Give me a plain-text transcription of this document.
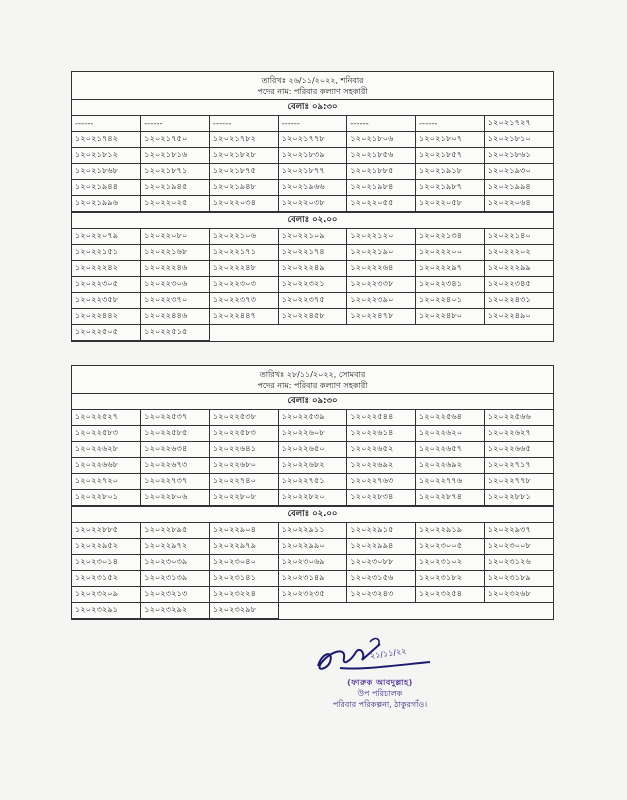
তারিখঃ ২৬/১১/২০২২, শনিবার
পদের নাম: পরিবার কল্যাণ সহকারী
বেলাঃ ০৯:৩০
------	------	------	------	------	------	১২০২১৭২৭
১২০২১৭৪২	১২০২১৭৫০	১২০২১৭৮২	১২০২১৭৭৮	১২০২১৮০৬	১২০২১৮০৭	১২০২১৮১০
১২০২১৮১২	১২০২১৮১৬	১২০২১৮২৮	১২০২১৮৩৯	১২০২১৮৫৬	১২০২১৮৫৭	১২০২১৮৬১
১২০২১৮৬৮	১২০২১৮৭১	১২০২১৮৭৫	১২০২১৮৭৭	১২০২১৮৮৫	১২০২১৯১৮	১২০২১৯৩০
১২০২১৯৪৪	১২০২১৯৪৫	১২০২১৯৪৮	১২০২১৯৬৬	১২০২১৯৮৪	১২০২১৯৮৭	১২০২১৯৯৪
১২০২১৯৯৬	১২০২২০২৫	১২০২২০৩৪	১২০২২০৩৮	১২০২২০৫৫	১২০২২০৫৮	১২০২২০৬৪
বেলাঃ ০২.০০
১২০২২০৭৯	১২০২২০৮০	১২০২২১০৬	১২০২২১০৯	১২০২২১২০	১২০২২১৩৪	১২০২২১৪০
১২০২২১৫১	১২০২২১৬৮	১২০২২১৭১	১২০২২১৭৪	১২০২২১৯০	১২০২২২০০	১২০২২২০২
১২০২২২৪২	১২০২২২৪৬	১২০২২২৪৮	১২০২২২৪৯	১২০২২২৬৪	১২০২২২৯৭	১২০২২২৯৯
১২০২২৩০৫	১২০২২৩০৬	১২০২২৩০৩	১২০২২৩২১	১২০২২৩৩৮	১২০২২৩৪১	১২০২২৩৪৫
১২০২২৩৫৮	১২০২২৩৭০	১২০২২৩৭৩	১২০২২৩৭৫	১২০২২৩৯০	১২০২২৪০১	১২০২২৪৩১
১২০২২৪৪২	১২০২২৪৪৬	১২০২২৪৪৭	১২০২২৪৫৮	১২০২২৪৭৮	১২০২২৪৮০	১২০২২৪৯০
১২০২২৫০৫	১২০২২৫১৫					
তারিখঃ ২৮/১১/২০২২, সোমবার
পদের নাম: পরিবার কল্যাণ সহকারী
বেলাঃ ০৯:৩০
১২০২২৫২৭	১২০২২৫৩৭	১২০২২৫৩৮	১২০২২৫৩৯	১২০২২৫৪৪	১২০২২৫৬৪	১২০২২৫৬৬
১২০২২৫৮৩	১২০২২৫৮৫	১২০২২৫৮৩	১২০২২৬০৮	১২০২২৬১৪	১২০২২৬২০	১২০২২৬২৭
১২০২২৬২৮	১২০২২৬৩৪	১২০২২৬৪১	১২০২২৬৫০	১২০২২৬৫২	১২০২২৬৫৭	১২০২২৬৬৫
১২০২২৬৬৮	১২০২২৬৭৩	১২০২২৬৮০	১২০২২৬৮২	১২০২২৬৯২	১২০২২৬৯২	১২০২২৭১৭
১২০২২৭২০	১২০২২৭৩৭	১২০২২৭৪০	১২০২২৭৫১	১২০২২৭৬৩	১২০২২৭৭৬	১২০২২৭৭৮
১২০২২৮০১	১২০২২৮০৬	১২০২২৮০৮	১২০২২৮২০	১২০২২৮৩৪	১২০২২৮৭৪	১২০২২৮৮১
বেলাঃ ০২.০০
১২০২২৮৮৫	১২০২২৮৯৫	১২০২২৯০৪	১২০২২৯১১	১২০২২৯১৫	১২০২২৯১৯	১২০২২৯৩৭
১২০২২৯৫২	১২০২২৯৭২	১২০২২৯৭৯	১২০২২৯৯০	১২০২২৯৯৪	১২০২৩০০৫	১২০২৩০০৮
১২০২৩০১৪	১২০২৩০৩৯	১২০২৩০৪০	১২০২৩০৬৯	১২০২৩০৮৮	১২০২৩১০২	১২০২৩১২৬
১২০২৩১৫২	১২০২৩১৩৯	১২০২৩১৪১	১২০২৩১৪৯	১২০২৩১৫৬	১২০২৩১৮২	১২০২৩১৮৯
১২০২৩২০৯	১২০২৩২১৩	১২০২৩২২৪	১২০২৩২৩৫	১২০২৩২৪৩	১২০২৩২৫৪	১২০২৩২৬৮
১২০২৩২৯১	১২০২৩২৯২	১২০২৩২৯৮				
২১/১১/২২
(ফারুক আবদুল্লাহ)
উপ পরিচালক
পরিবার পরিকল্পনা, ঠাকুরগাঁও।
